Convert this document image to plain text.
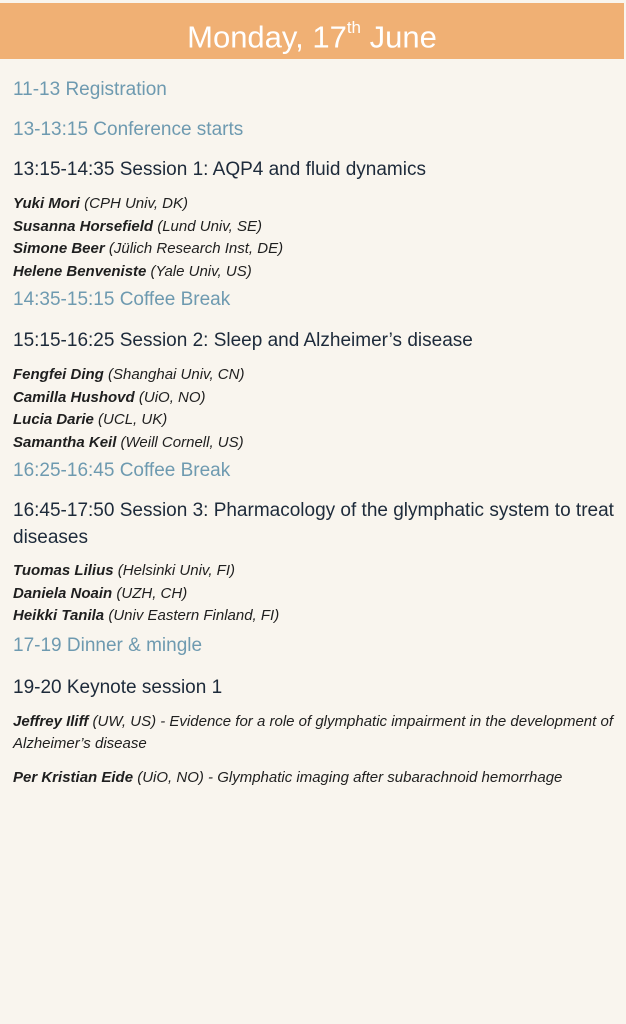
Monday, 17th June

11-13 Registration

13-13:15 Conference starts

13:15-14:35 Session 1: AQP4 and fluid dynamics

Yuki Mori (CPH Univ, DK)
Susanna Horsefield (Lund Univ, SE)
Simone Beer (Jülich Research Inst, DE)
Helene Benveniste (Yale Univ, US)

14:35-15:15 Coffee Break

15:15-16:25 Session 2: Sleep and Alzheimer’s disease

Fengfei Ding (Shanghai Univ, CN)
Camilla Hushovd (UiO, NO)
Lucia Darie (UCL, UK)
Samantha Keil (Weill Cornell, US)

16:25-16:45 Coffee Break

16:45-17:50 Session 3: Pharmacology of the glymphatic system to treat diseases

Tuomas Lilius (Helsinki Univ, FI)
Daniela Noain (UZH, CH)
Heikki Tanila (Univ Eastern Finland, FI)

17-19 Dinner & mingle

19-20 Keynote session 1

Jeffrey Iliff (UW, US) - Evidence for a role of glymphatic impairment in the development of Alzheimer’s disease

Per Kristian Eide (UiO, NO) - Glymphatic imaging after subarachnoid hemorrhage
